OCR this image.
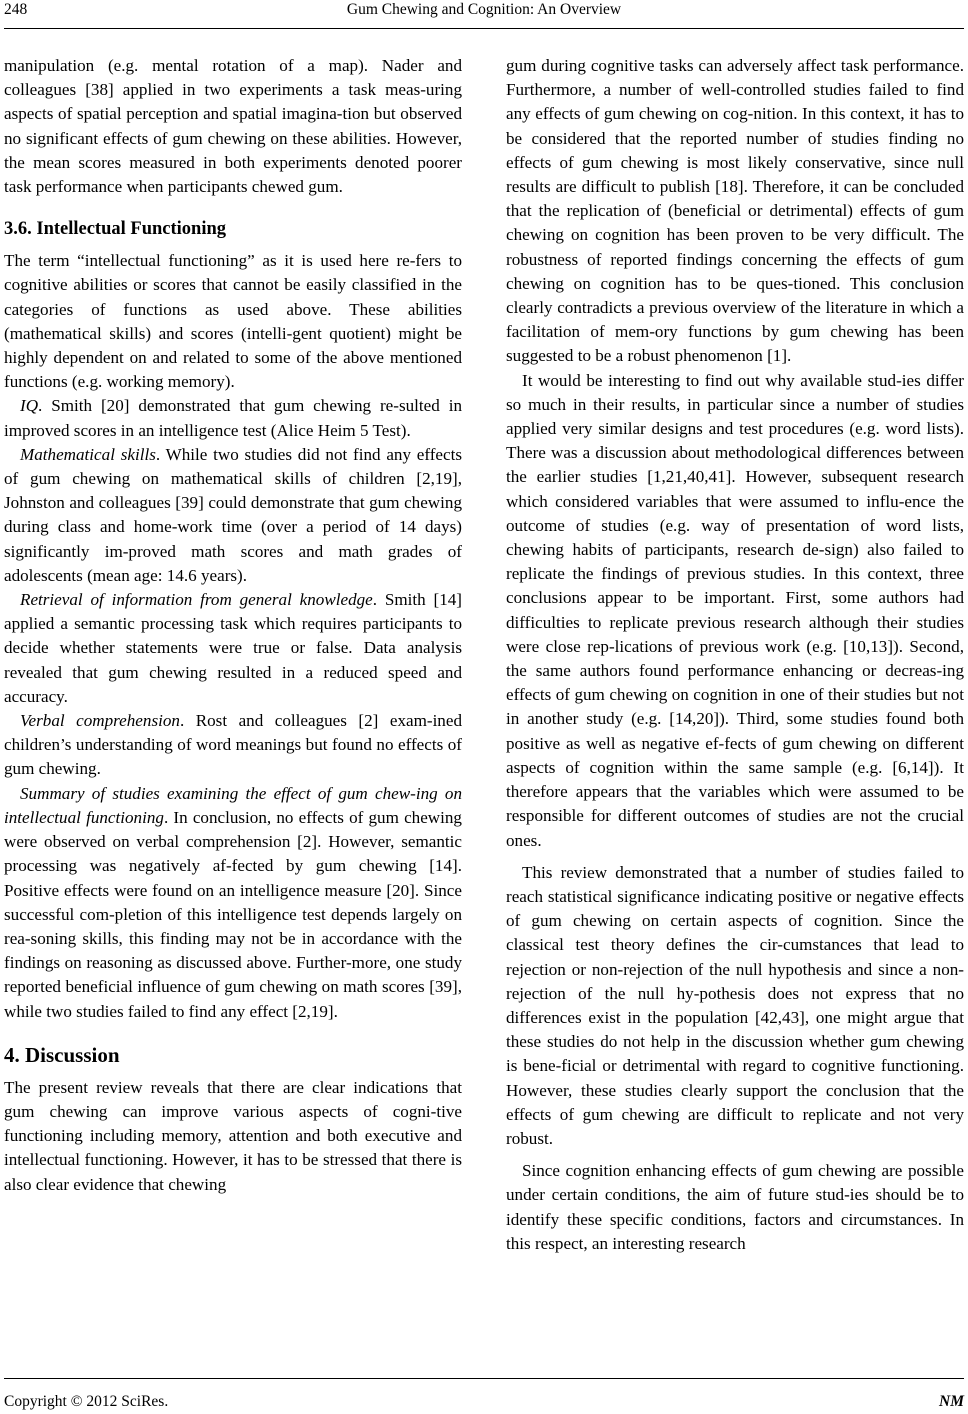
248	Gum Chewing and Cognition: An Overview

manipulation (e.g. mental rotation of a map). Nader and colleagues [38] applied in two experiments a task meas-uring aspects of spatial perception and spatial imagina-tion but observed no significant effects of gum chewing on these abilities. However, the mean scores measured in both experiments denoted poorer task performance when participants chewed gum.

3.6. Intellectual Functioning

The term “intellectual functioning” as it is used here re-fers to cognitive abilities or scores that cannot be easily classified in the categories of functions as used above. These abilities (mathematical skills) and scores (intelli-gent quotient) might be highly dependent on and related to some of the above mentioned functions (e.g. working memory).

IQ. Smith [20] demonstrated that gum chewing re-sulted in improved scores in an intelligence test (Alice Heim 5 Test).

Mathematical skills. While two studies did not find any effects of gum chewing on mathematical skills of children [2,19], Johnston and colleagues [39] could demonstrate that gum chewing during class and home-work time (over a period of 14 days) significantly im-proved math scores and math grades of adolescents (mean age: 14.6 years).

Retrieval of information from general knowledge. Smith [14] applied a semantic processing task which requires participants to decide whether statements were true or false. Data analysis revealed that gum chewing resulted in a reduced speed and accuracy.

Verbal comprehension. Rost and colleagues [2] exam-ined children’s understanding of word meanings but found no effects of gum chewing.

Summary of studies examining the effect of gum chew-ing on intellectual functioning. In conclusion, no effects of gum chewing were observed on verbal comprehension [2]. However, semantic processing was negatively af-fected by gum chewing [14]. Positive effects were found on an intelligence measure [20]. Since successful com-pletion of this intelligence test depends largely on rea-soning skills, this finding may not be in accordance with the findings on reasoning as discussed above. Further-more, one study reported beneficial influence of gum chewing on math scores [39], while two studies failed to find any effect [2,19].

4. Discussion

The present review reveals that there are clear indications that gum chewing can improve various aspects of cogni-tive functioning including memory, attention and both executive and intellectual functioning. However, it has to be stressed that there is also clear evidence that chewing

gum during cognitive tasks can adversely affect task performance. Furthermore, a number of well-controlled studies failed to find any effects of gum chewing on cog-nition. In this context, it has to be considered that the reported number of studies finding no effects of gum chewing is most likely conservative, since null results are difficult to publish [18]. Therefore, it can be concluded that the replication of (beneficial or detrimental) effects of gum chewing on cognition has been proven to be very difficult. The robustness of reported findings concerning the effects of gum chewing on cognition has to be ques-tioned. This conclusion clearly contradicts a previous overview of the literature in which a facilitation of mem-ory functions by gum chewing has been suggested to be a robust phenomenon [1].

It would be interesting to find out why available stud-ies differ so much in their results, in particular since a number of studies applied very similar designs and test procedures (e.g. word lists). There was a discussion about methodological differences between the earlier studies [1,21,40,41]. However, subsequent research which considered variables that were assumed to influ-ence the outcome of studies (e.g. way of presentation of word lists, chewing habits of participants, research de-sign) also failed to replicate the findings of previous studies. In this context, three conclusions appear to be important. First, some authors had difficulties to replicate previous research although their studies were close rep-lications of previous work (e.g. [10,13]). Second, the same authors found performance enhancing or decreas-ing effects of gum chewing on cognition in one of their studies but not in another study (e.g. [14,20]). Third, some studies found both positive as well as negative ef-fects of gum chewing on different aspects of cognition within the same sample (e.g. [6,14]). It therefore appears that the variables which were assumed to be responsible for different outcomes of studies are not the crucial ones.

This review demonstrated that a number of studies failed to reach statistical significance indicating positive or negative effects of gum chewing on certain aspects of cognition. Since the classical test theory defines the cir-cumstances that lead to rejection or non-rejection of the null hypothesis and since a non-rejection of the null hy-pothesis does not express that no differences exist in the population [42,43], one might argue that these studies do not help in the discussion whether gum chewing is bene-ficial or detrimental with regard to cognitive functioning. However, these studies clearly support the conclusion that the effects of gum chewing are difficult to replicate and not very robust.

Since cognition enhancing effects of gum chewing are possible under certain conditions, the aim of future stud-ies should be to identify these specific conditions, factors and circumstances. In this respect, an interesting research

Copyright © 2012 SciRes.	NM
